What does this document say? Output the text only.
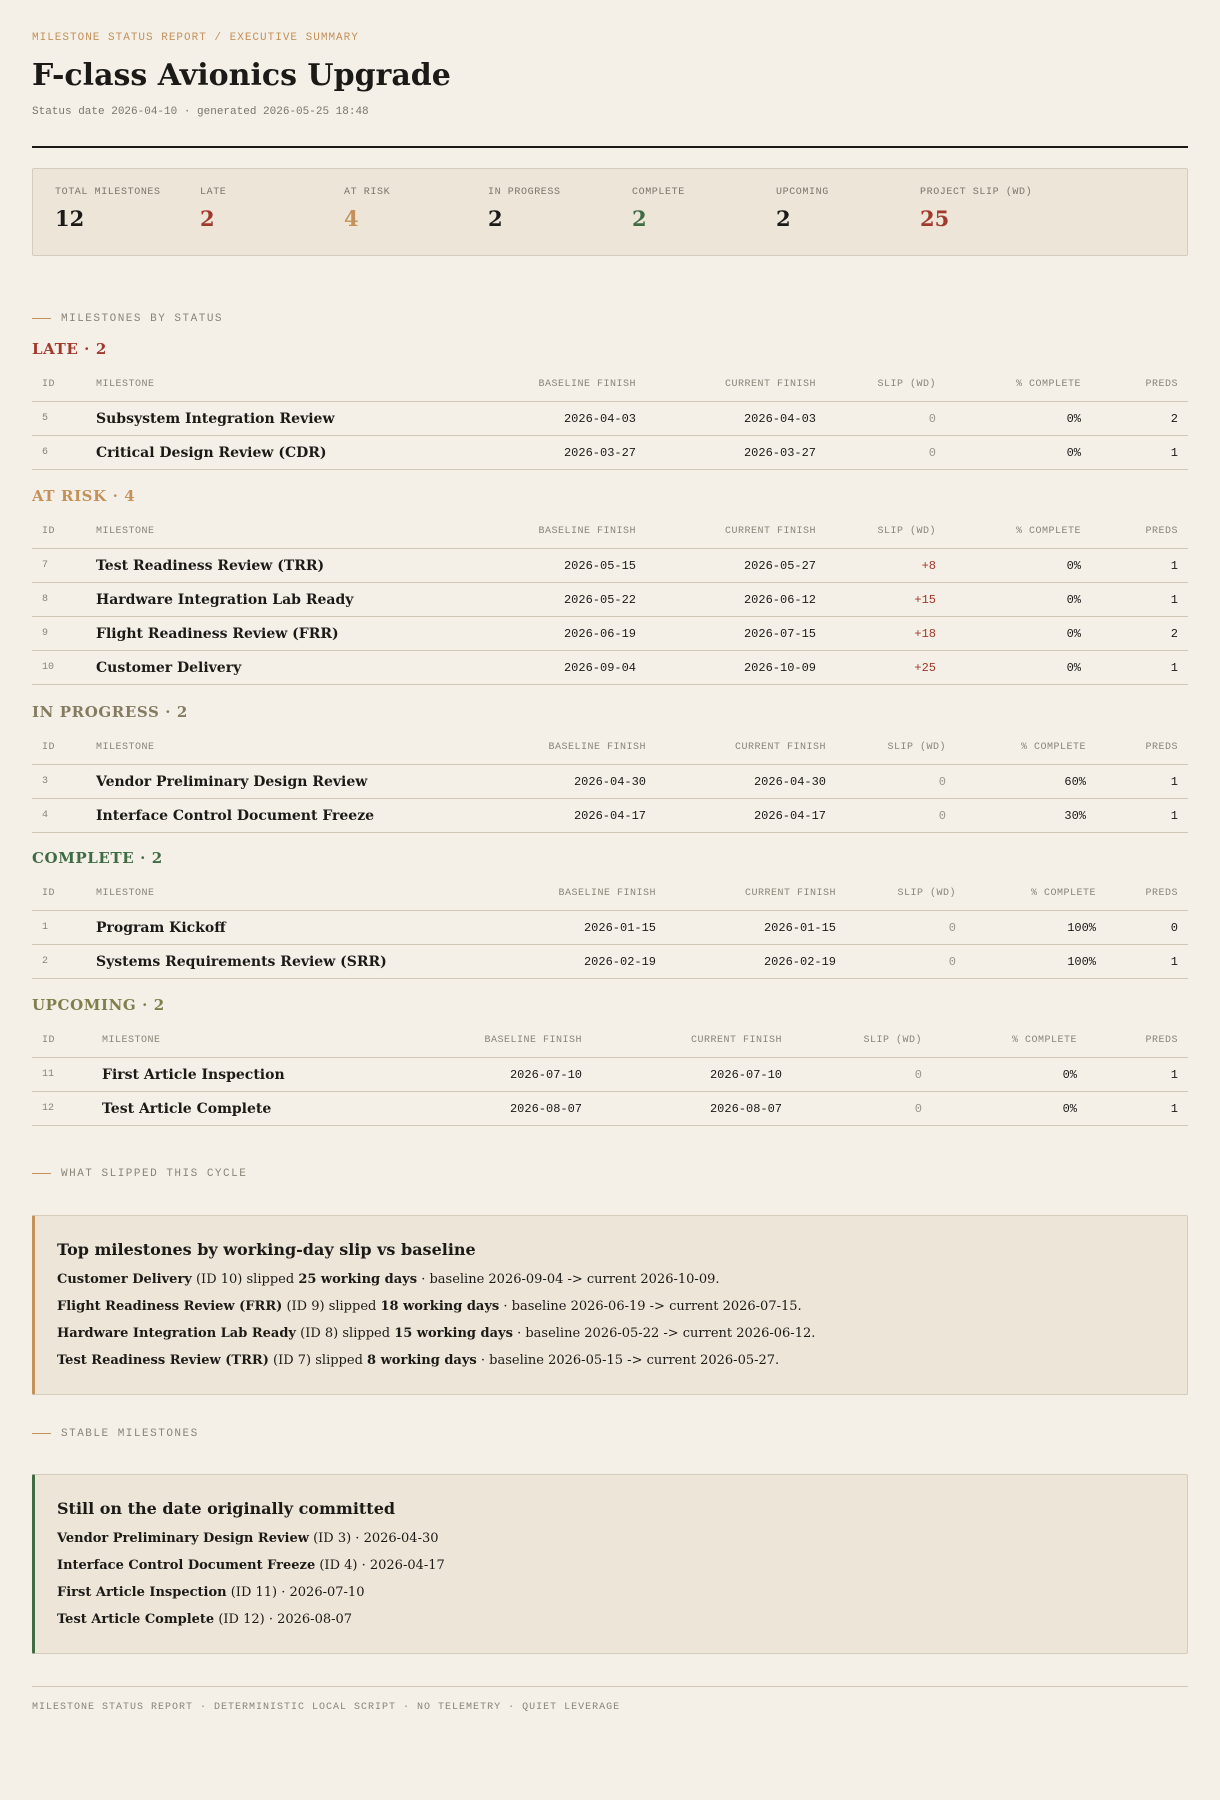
MILESTONE STATUS REPORT / EXECUTIVE SUMMARY
F-class Avionics Upgrade
Status date 2026-04-10 · generated 2026-05-25 18:48
TOTAL MILESTONES
12
LATE
2
AT RISK
4
IN PROGRESS
2
COMPLETE
2
UPCOMING
2
PROJECT SLIP (WD)
25
MILESTONES BY STATUS
LATE · 2
ID	MILESTONE	BASELINE FINISH	CURRENT FINISH	SLIP (WD)	% COMPLETE	PREDS
5	Subsystem Integration Review	2026-04-03	2026-04-03	0	0%	2
6	Critical Design Review (CDR)	2026-03-27	2026-03-27	0	0%	1
AT RISK · 4
ID	MILESTONE	BASELINE FINISH	CURRENT FINISH	SLIP (WD)	% COMPLETE	PREDS
7	Test Readiness Review (TRR)	2026-05-15	2026-05-27	+8	0%	1
8	Hardware Integration Lab Ready	2026-05-22	2026-06-12	+15	0%	1
9	Flight Readiness Review (FRR)	2026-06-19	2026-07-15	+18	0%	2
10	Customer Delivery	2026-09-04	2026-10-09	+25	0%	1
IN PROGRESS · 2
ID	MILESTONE	BASELINE FINISH	CURRENT FINISH	SLIP (WD)	% COMPLETE	PREDS
3	Vendor Preliminary Design Review	2026-04-30	2026-04-30	0	60%	1
4	Interface Control Document Freeze	2026-04-17	2026-04-17	0	30%	1
COMPLETE · 2
ID	MILESTONE	BASELINE FINISH	CURRENT FINISH	SLIP (WD)	% COMPLETE	PREDS
1	Program Kickoff	2026-01-15	2026-01-15	0	100%	0
2	Systems Requirements Review (SRR)	2026-02-19	2026-02-19	0	100%	1
UPCOMING · 2
ID	MILESTONE	BASELINE FINISH	CURRENT FINISH	SLIP (WD)	% COMPLETE	PREDS
11	First Article Inspection	2026-07-10	2026-07-10	0	0%	1
12	Test Article Complete	2026-08-07	2026-08-07	0	0%	1
WHAT SLIPPED THIS CYCLE
Top milestones by working-day slip vs baseline

Customer Delivery (ID 10) slipped 25 working days · baseline 2026-09-04 -> current 2026-10-09.

Flight Readiness Review (FRR) (ID 9) slipped 18 working days · baseline 2026-06-19 -> current 2026-07-15.

Hardware Integration Lab Ready (ID 8) slipped 15 working days · baseline 2026-05-22 -> current 2026-06-12.

Test Readiness Review (TRR) (ID 7) slipped 8 working days · baseline 2026-05-15 -> current 2026-05-27.

STABLE MILESTONES
Still on the date originally committed

Vendor Preliminary Design Review (ID 3) · 2026-04-30

Interface Control Document Freeze (ID 4) · 2026-04-17

First Article Inspection (ID 11) · 2026-07-10

Test Article Complete (ID 12) · 2026-08-07

MILESTONE STATUS REPORT · DETERMINISTIC LOCAL SCRIPT · NO TELEMETRY · QUIET LEVERAGE
